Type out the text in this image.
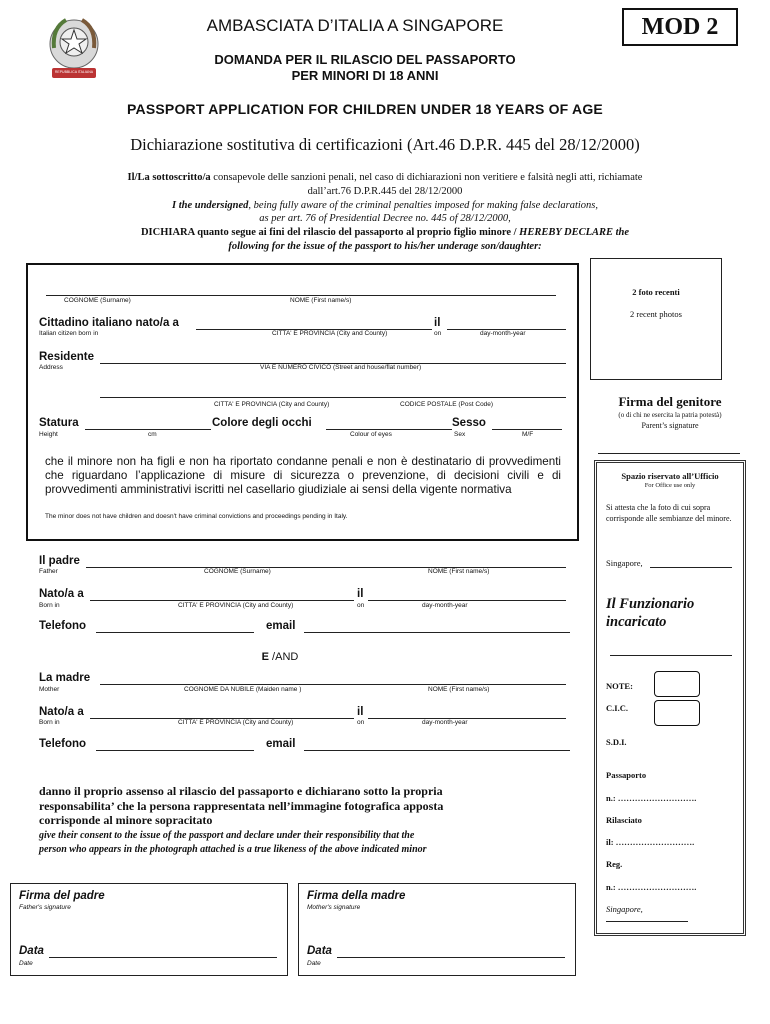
REPUBBLICA ITALIANA
AMBASCIATA D’ITALIA A SINGAPORE
DOMANDA PER IL RILASCIO DEL PASSAPORTO
PER MINORI DI 18 ANNI
MOD 2
PASSPORT APPLICATION FOR CHILDREN UNDER 18 YEARS OF AGE
Dichiarazione sostitutiva di certificazioni (Art.46 D.P.R. 445 del 28/12/2000)
Il/La sottoscritto/a consapevole delle sanzioni penali, nel caso di dichiarazioni non veritiere e falsità negli atti, richiamate
dall’art.76 D.P.R.445 del 28/12/2000
I the undersigned, being fully aware of the criminal penalties imposed for making false declarations,
as per art. 76 of Presidential Decree no. 445 of 28/12/2000,
DICHIARA quanto segue ai fini del rilascio del passaporto al proprio figlio minore / HEREBY DECLARE the
following for the issue of the passport to his/her underage son/daughter:
COGNOME (Surname)	NOME (First name/s)
Cittadino italiano nato/a a	il
Italian citizen born in	CITTA' E PROVINCIA (City and County)	on	day-month-year
Residente
Address	VIA E NUMERO CIVICO (Street and house/flat number)
CITTA' E PROVINCIA (City and County)	CODICE POSTALE (Post Code)
Statura	Colore degli occhi	Sesso
Height	cm	Colour of eyes	Sex	M/F
che il minore non ha figli e non ha riportato condanne penali e non è destinatario di provvedimenti che riguardano l’applicazione di misure di sicurezza o prevenzione, di decisioni civili e di provvedimenti amministrativi iscritti nel casellario giudiziale ai sensi della vigente normativa
The minor does not have children and doesn't have criminal convictions and proceedings pending in Italy.
2 foto recenti
2 recent photos
Firma del genitore
(o di chi ne esercita la patria potestà)
Parent’s signature
Spazio riservato all’Ufficio
For Office use only
Si attesta che la foto di cui sopra corrisponde alle sembianze del minore.
Singapore,
Il Funzionario incaricato
NOTE:
C.I.C.
S.D.I.
Passaporto
n.: ……………………….
Rilasciato
il: ……………………….
Reg.
n.: ……………………….
Singapore,
Il padre
Father	COGNOME (Surname)	NOME (First name/s)
Nato/a a	il
Born in	CITTA' E PROVINCIA (City and County)	on	day-month-year
Telefono	email
E /AND
La madre
Mother	COGNOME DA NUBILE (Maiden name )	NOME (First name/s)
Nato/a a	il
Born in	CITTA' E PROVINCIA (City and County)	on	day-month-year
Telefono	email
danno il proprio assenso al rilascio del passaporto e dichiarano sotto la propria
responsabilita’ che la persona rappresentata nell’immagine fotografica apposta
corrisponde al minore sopracitato
give their consent to the issue of the passport and declare under their responsibility that the
person who appears in the photograph attached is a true likeness of the above indicated minor
Firma del padre
Father's signature
Data
Date
Firma della madre
Mother's signature
Data
Date
